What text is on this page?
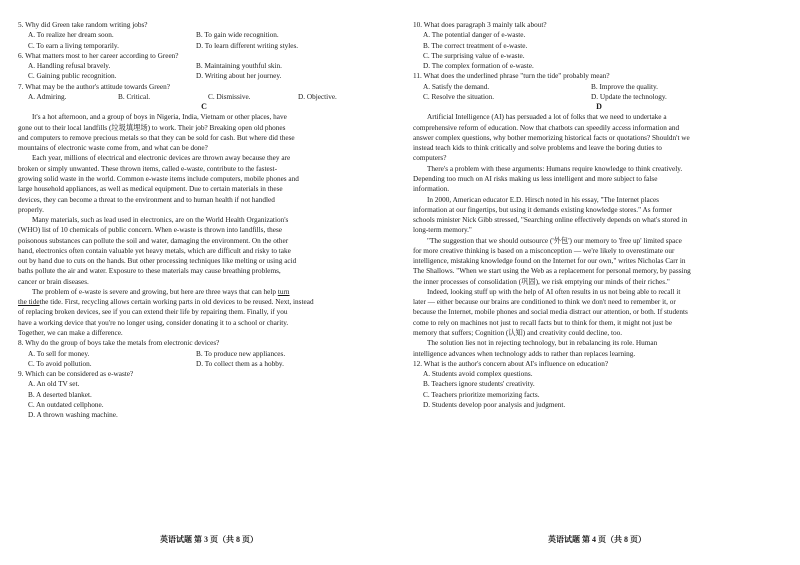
5. Why did Green take random writing jobs?
A. To realize her dream soon.	B. To gain wide recognition.
C. To earn a living temporarily.	D. To learn different writing styles.
6. What matters most to her career according to Green?
A. Handling refusal bravely.	B. Maintaining youthful skin.
C. Gaining public recognition.	D. Writing about her journey.
7. What may be the author's attitude towards Green?
A. Admiring.	B. Critical.	C. Dismissive.	D. Objective.
C
It's a hot afternoon, and a group of boys in Nigeria, India, Vietnam or other places, have
gone out to their local landfills (垃圾填埋场) to work. Their job? Breaking open old phones
and computers to remove precious metals so that they can be sold for cash. But where did these
mountains of electronic waste come from, and what can be done?
Each year, millions of electrical and electronic devices are thrown away because they are
broken or simply unwanted. These thrown items, called e-waste, contribute to the fastest-
growing solid waste in the world. Common e-waste items include computers, mobile phones and
large household appliances, as well as medical equipment. Due to certain materials in these
devices, they can become a threat to the environment and to human health if not handled
properly.
Many materials, such as lead used in electronics, are on the World Health Organization's
(WHO) list of 10 chemicals of public concern. When e-waste is thrown into landfills, these
poisonous substances can pollute the soil and water, damaging the environment. On the other
hand, electronics often contain valuable yet heavy metals, which are difficult and risky to take
out by hand due to cuts on the hands. But other processing techniques like melting or using acid
baths pollute the air and water. Exposure to these materials may cause breathing problems,
cancer or brain diseases.
The problem of e-waste is severe and growing, but here are three ways that can help turn
the tidethe tide. First, recycling allows certain working parts in old devices to be reused. Next, instead
of replacing broken devices, see if you can extend their life by repairing them. Finally, if you
have a working device that you're no longer using, consider donating it to a school or charity.
Together, we can make a difference.
8. Why do the group of boys take the metals from electronic devices?
A. To sell for money.	B. To produce new appliances.
C. To avoid pollution.	D. To collect them as a hobby.
9. Which can be considered as e-waste?
A. An old TV set.
B. A deserted blanket.
C. An outdated cellphone.
D. A thrown washing machine.
英语试题 第 3 页（共 8 页）
10. What does paragraph 3 mainly talk about?
A. The potential danger of e-waste.
B. The correct treatment of e-waste.
C. The surprising value of e-waste.
D. The complex formation of e-waste.
11. What does the underlined phrase "turn the tide" probably mean?
A. Satisfy the demand.	B. Improve the quality.
C. Resolve the situation.	D. Update the technology.
D
Artificial Intelligence (AI) has persuaded a lot of folks that we need to undertake a
comprehensive reform of education. Now that chatbots can speedily access information and
answer complex questions, why bother memorizing historical facts or quotations? Shouldn't we
instead teach kids to think critically and solve problems and leave the boring duties to
computers?
There's a problem with these arguments: Humans require knowledge to think creatively.
Depending too much on AI risks making us less intelligent and more subject to false
information.
In 2000, American educator E.D. Hirsch noted in his essay, "The Internet places
information at our fingertips, but using it demands existing knowledge stores." As former
schools minister Nick Gibb stressed, "Searching online effectively depends on what's stored in
long-term memory."
"The suggestion that we should outsource ('外包') our memory to 'free up' limited space
for more creative thinking is based on a misconception — we're likely to overestimate our
intelligence, mistaking knowledge found on the Internet for our own," writes Nicholas Carr in
The Shallows. "When we start using the Web as a replacement for personal memory, by passing
the inner processes of consolidation (巩固), we risk emptying our minds of their riches."
Indeed, looking stuff up with the help of AI often results in us not being able to recall it
later — either because our brains are conditioned to think we don't need to remember it, or
because the Internet, mobile phones and social media distract our attention, or both. If students
come to rely on machines not just to recall facts but to think for them, it might not just be
memory that suffers; Cognition (认知) and creativity could decline, too.
The solution lies not in rejecting technology, but in rebalancing its role. Human
intelligence advances when technology adds to rather than replaces learning.
12. What is the author's concern about AI's influence on education?
A. Students avoid complex questions.
B. Teachers ignore students' creativity.
C. Teachers prioritize memorizing facts.
D. Students develop poor analysis and judgment.
英语试题 第 4 页（共 8 页）
